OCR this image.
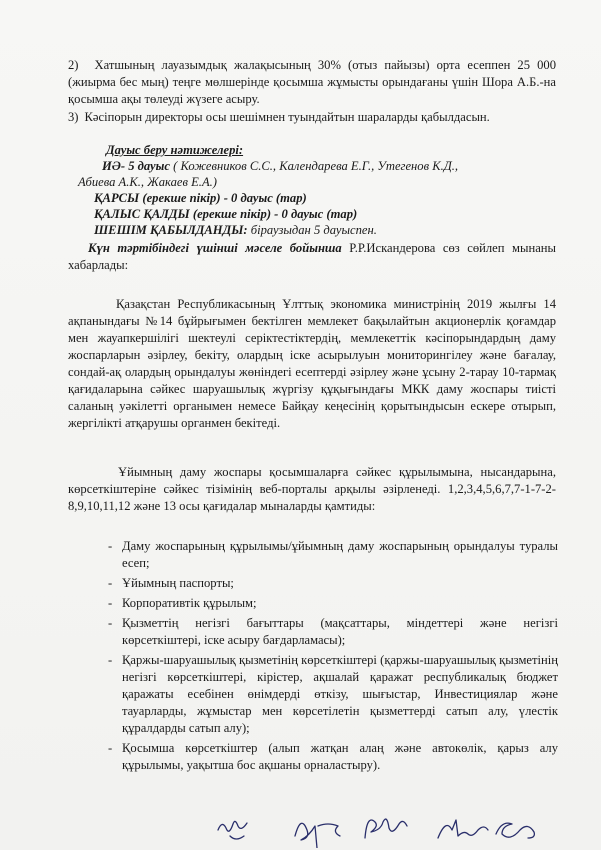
2) Хатшының лауазымдық жалақысының 30% (отыз пайызы) орта есеппен 25 000 (жиырма бес мың) теңге мөлшерінде қосымша жұмысты орындағаны үшін Шора А.Б.-на қосымша ақы төлеуді жүзеге асыру.
3) Кәсіпорын директоры осы шешімнен туындайтын шараларды қабылдасын.
Дауыс беру нәтижелері:
ИӘ- 5 дауыс ( Кожевников С.С., Календарева Е.Г., Утегенов К.Д.,
Абиева А.К., Жакаев Е.А.)
ҚАРСЫ (ерекше пікір) - 0 дауыс (тар)
ҚАЛЫС ҚАЛДЫ (ерекше пікір) - 0 дауыс (тар)
ШЕШІМ ҚАБЫЛДАНДЫ: біраузыдан 5 дауыспен.
Күн тәртібіндегі үшінші мәселе бойынша Р.Р.Искандерова сөз сөйлеп мынаны хабарлады:
Қазақстан Республикасының Ұлттық экономика министрінің 2019 жылғы 14 ақпанындағы №14 бұйрығымен бектілген мемлекет бақылайтын акционерлік қоғамдар мен жауапкершілігі шектеулі серіктестіктердің, мемлекеттік кәсіпорындардың даму жоспарларын әзірлеу, бекіту, олардың іске асырылуын мониторингілеу және бағалау, сондай-ақ олардың орындалуы жөніндегі есептерді әзірлеу және ұсыну 2-тарау 10-тармақ қағидаларына сәйкес шаруашылық жүргізу құқығындағы МКК даму жоспары тиісті саланың уәкілетті органымен немесе Байқау кеңесінің қорытындысын ескере отырып, жергілікті атқарушы органмен бекітеді.
Ұйымның даму жоспары қосымшаларға сәйкес құрылымына, нысандарына, көрсеткіштеріне сәйкес тізімінің веб-порталы арқылы әзірленеді. 1,2,3,4,5,6,7,7-1-7-2-8,9,10,11,12 және 13 осы қағидалар мыналарды қамтиды:
- Даму жоспарының құрылымы/ұйымның даму жоспарының орындалуы туралы есеп;
- Ұйымның паспорты;
- Корпоративтік құрылым;
- Қызметтің негізгі бағыттары (мақсаттары, міндеттері және негізгі көрсеткіштері, іске асыру бағдарламасы);
- Қаржы-шаруашылық қызметінің көрсеткіштері (қаржы-шаруашылық қызметінің негізгі көрсеткіштері, кірістер, ақшалай қаражат республикалық бюджет қаражаты есебінен өнімдерді өткізу, шығыстар, Инвестициялар және тауарларды, жұмыстар мен көрсетілетін қызметтерді сатып алу, үлестік құралдарды сатып алу);
- Қосымша көрсеткіштер (алып жатқан алаң және автокөлік, қарыз алу құрылымы, уақытша бос ақшаны орналастыру).
